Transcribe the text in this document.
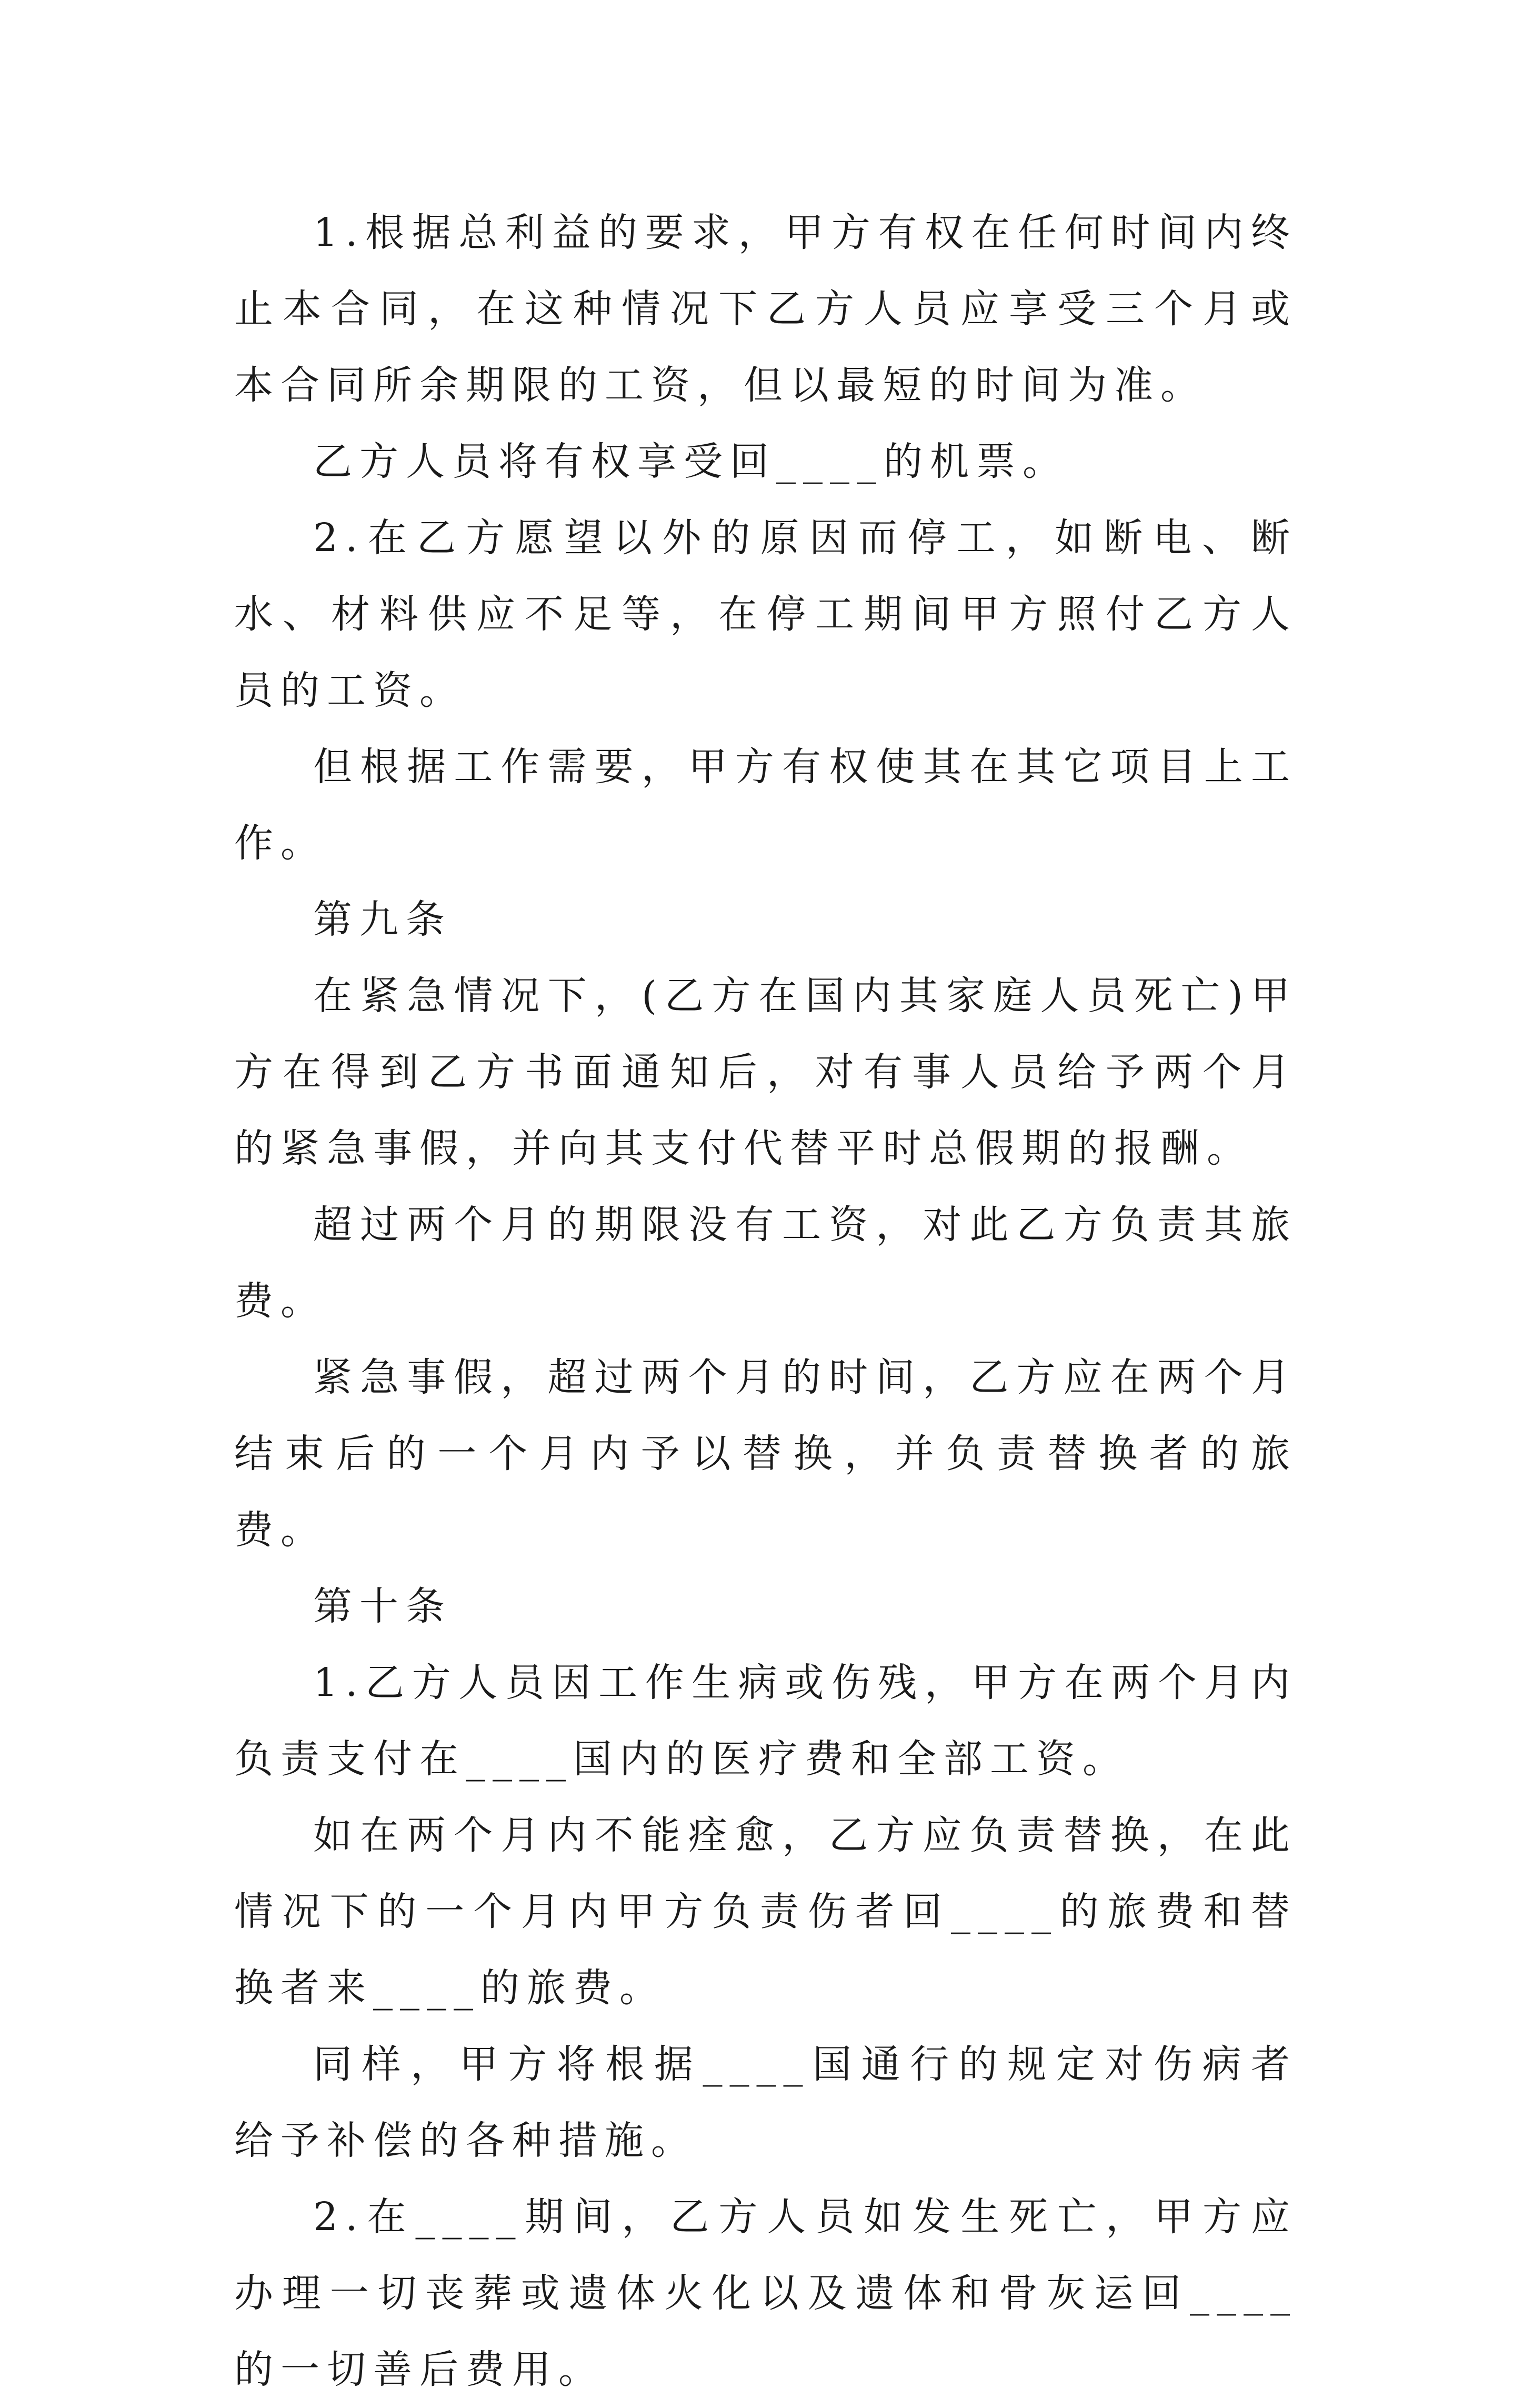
1.根据总利益的要求，甲方有权在任何时间内终止本合同，在这种情况下乙方人员应享受三个月或本合同所余期限的工资，但以最短的时间为准。

乙方人员将有权享受回____的机票。

2.在乙方愿望以外的原因而停工，如断电、断水、材料供应不足等，在停工期间甲方照付乙方人员的工资。

但根据工作需要，甲方有权使其在其它项目上工作。

第九条

在紧急情况下，(乙方在国内其家庭人员死亡)甲方在得到乙方书面通知后，对有事人员给予两个月的紧急事假，并向其支付代替平时总假期的报酬。

超过两个月的期限没有工资，对此乙方负责其旅费。

紧急事假，超过两个月的时间，乙方应在两个月结束后的一个月内予以替换，并负责替换者的旅费。

第十条

1.乙方人员因工作生病或伤残，甲方在两个月内负责支付在____国内的医疗费和全部工资。

如在两个月内不能痊愈，乙方应负责替换，在此情况下的一个月内甲方负责伤者回____的旅费和替换者来____的旅费。

同样，甲方将根据____国通行的规定对伤病者给予补偿的各种措施。

2.在____期间，乙方人员如发生死亡，甲方应办理一切丧葬或遗体火化以及遗体和骨灰运回____的一切善后费用。
